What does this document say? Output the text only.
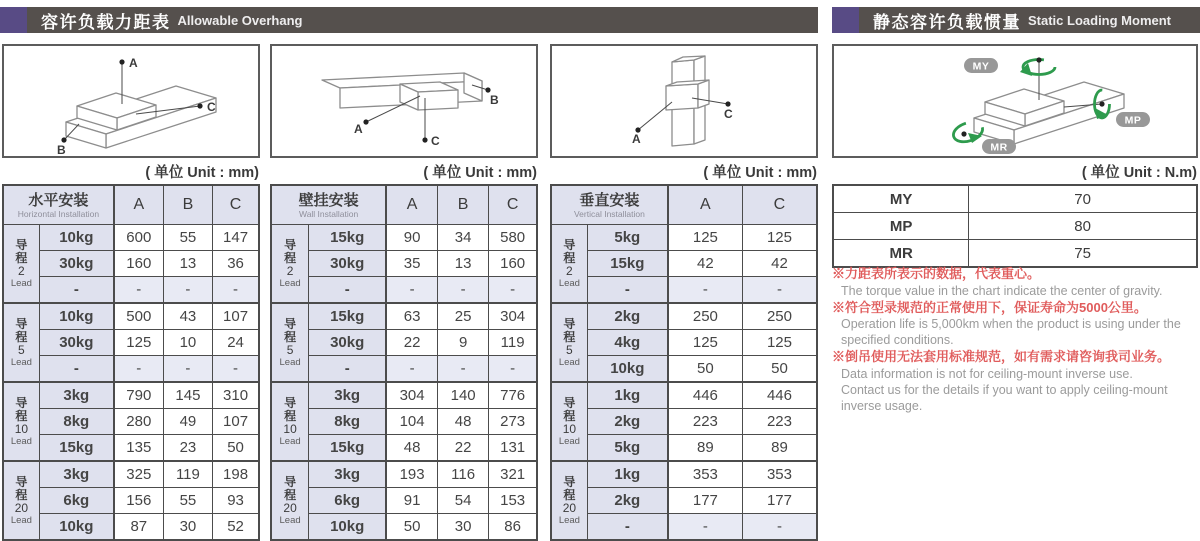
容许负载力距表 Allowable Overhang	静态容许负载惯量 Static Loading Moment
A
C
B
( 单位 Unit : mm)
水平安装
Horizontal Installation		A	B	C

导
程
2
Lead	10kg	600	55	147
	30kg	160	13	36
	-	-	-	-

导
程
5
Lead	10kg	500	43	107
	30kg	125	10	24
	-	-	-	-

导
程
10
Lead	3kg	790	145	310
	8kg	280	49	107
	15kg	135	23	50

导
程
20
Lead	3kg	325	119	198
	6kg	156	55	93
	10kg	87	30	52
A
C
B
( 单位 Unit : mm)
壁挂安装
Wall Installation		A	B	C

导
程
2
Lead	15kg	90	34	580
	30kg	35	13	160
	-	-	-	-

导
程
5
Lead	15kg	63	25	304
	30kg	22	9	119
	-	-	-	-

导
程
10
Lead	3kg	304	140	776
	8kg	104	48	273
	15kg	48	22	131

导
程
20
Lead	3kg	193	116	321
	6kg	91	54	153
	10kg	50	30	86
A
C
( 单位 Unit : mm)
垂直安装
Vertical Installation		A	C

导
程
2
Lead	5kg	125	125
	15kg	42	42
	-	-	-

导
程
5
Lead	2kg	250	250
	4kg	125	125
	10kg	50	50

导
程
10
Lead	1kg	446	446
	2kg	223	223
	5kg	89	89

导
程
20
Lead	1kg	353	353
	2kg	177	177
	-	-	-
MY
MP
MR
( 单位 Unit : N.m)
MY	70
MP	80
MR	75
※力距表所表示的数据，代表重心。
The torque value in the chart indicate the center of gravity.
※符合型录规范的正常使用下，保证寿命为5000公里。
Operation life is 5,000km when the product is using under the
specified conditions.
※倒吊使用无法套用标准规范，如有需求请咨询我司业务。
Data information is not for ceiling-mount inverse use.
Contact us for the details if you want to apply ceiling-mount
inverse usage.
